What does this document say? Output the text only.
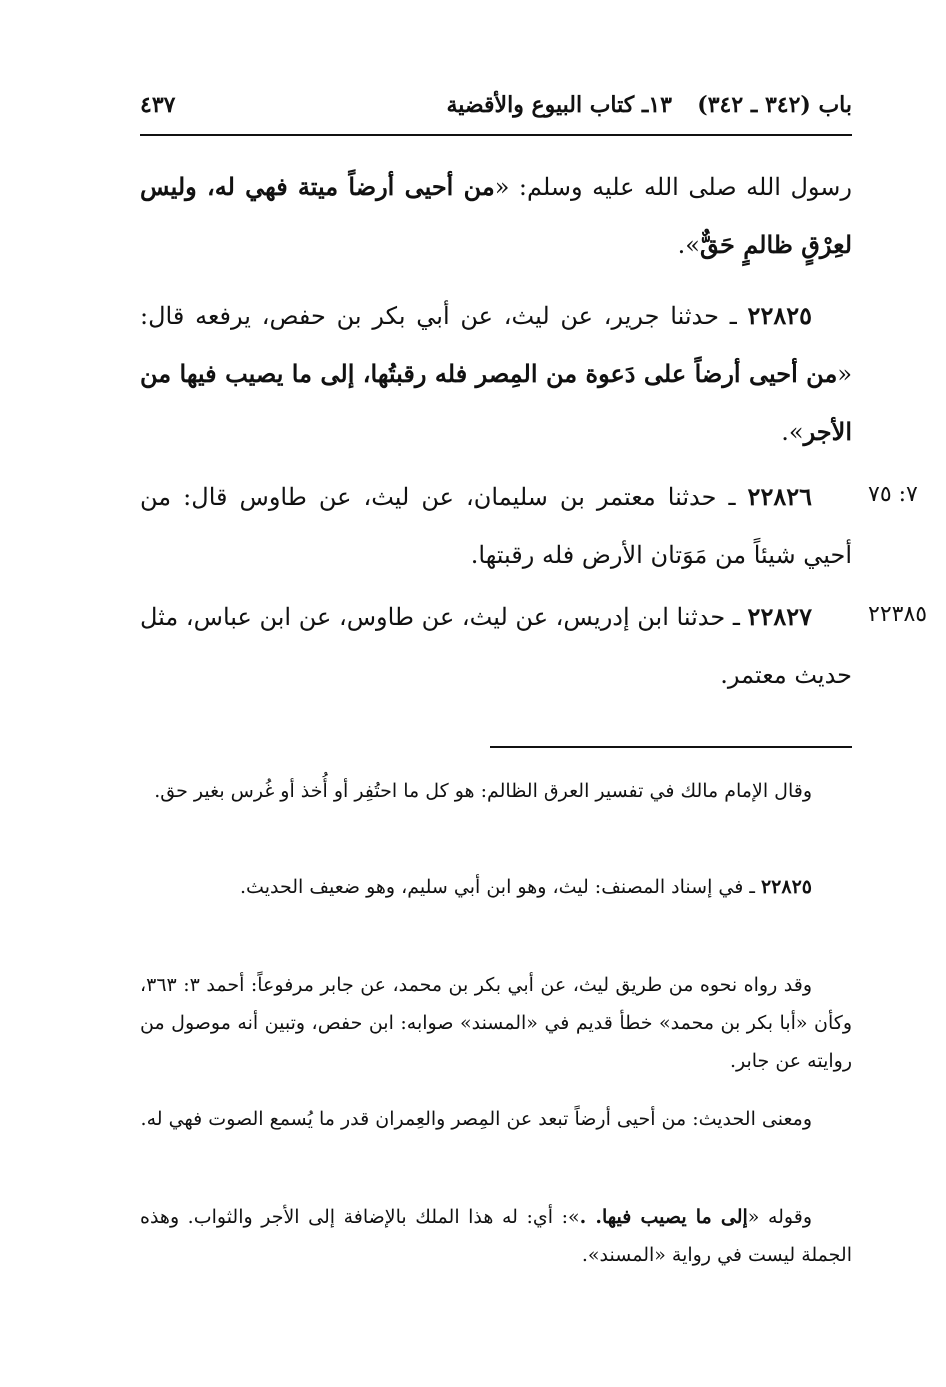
باب (٣٤٢ ـ ٣٤٢)
١٣ـ كتاب البيوع والأقضية
٤٣٧
رسول الله صلى الله عليه وسلم: «من أحيى أرضاً ميتة فهي له، وليس لعِرْقٍ ظالمٍ حَقٌّ».
٢٢٨٢٥ ـ حدثنا جرير، عن ليث، عن أبي بكر بن حفص، يرفعه قال: «من أحيى أرضاً على دَعوة من المِصر فله رقبتُها، إلى ما يصيب فيها من الأجر».
٢٢٨٢٦ ـ حدثنا معتمر بن سليمان، عن ليث، عن طاوس قال: من أحيي شيئاً من مَوَتان الأرض فله رقبتها.
٧: ٧٥
٢٢٨٢٧ ـ حدثنا ابن إدريس، عن ليث، عن طاوس، عن ابن عباس، مثل حديث معتمر.
٢٢٣٨٥
وقال الإمام مالك في تفسير العرق الظالم: هو كل ما احتُفِر أو أُخذ أو غُرس بغير حق.
٢٢٨٢٥ ـ في إسناد المصنف: ليث، وهو ابن أبي سليم، وهو ضعيف الحديث.
وقد رواه نحوه من طريق ليث، عن أبي بكر بن محمد، عن جابر مرفوعاً: أحمد ٣: ٣٦٣، وكأن «أبا بكر بن محمد» خطأ قديم في «المسند» صوابه: ابن حفص، وتبين أنه موصول من روايته عن جابر.
ومعنى الحديث: من أحيى أرضاً تبعد عن المِصر والعِمران قدر ما يُسمع الصوت فهي له.
وقوله «إلى ما يصيب فيها. .»: أي: له هذا الملك بالإضافة إلى الأجر والثواب. وهذه الجملة ليست في رواية «المسند».
